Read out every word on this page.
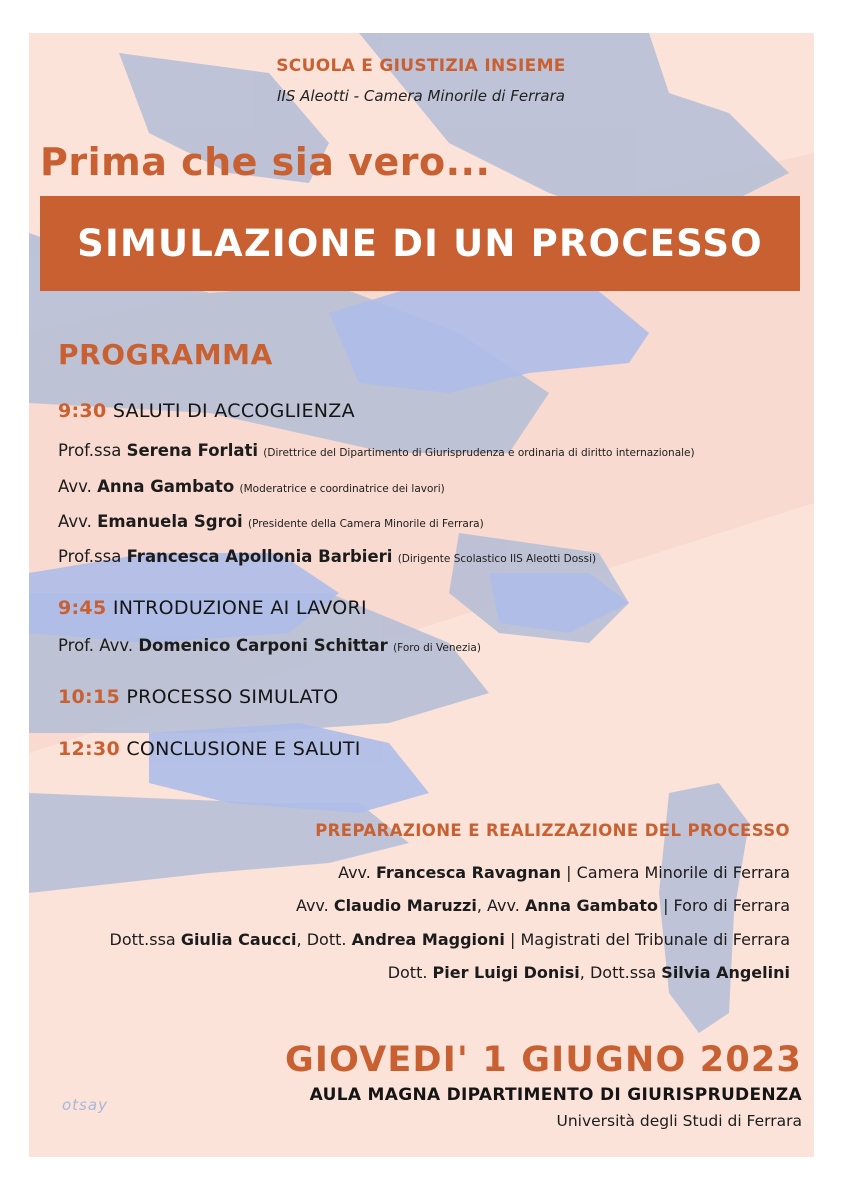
SCUOLA E GIUSTIZIA INSIEME
IIS Aleotti - Camera Minorile di Ferrara
Prima che sia vero...
SIMULAZIONE DI UN PROCESSO
PROGRAMMA
9:30 SALUTI DI ACCOGLIENZA
Prof.ssa Serena Forlati (Direttrice del Dipartimento di Giurisprudenza e ordinaria di diritto internazionale)
Avv. Anna Gambato (Moderatrice e coordinatrice dei lavori)
Avv. Emanuela Sgroi (Presidente della Camera Minorile di Ferrara)
Prof.ssa Francesca Apollonia Barbieri (Dirigente Scolastico IIS Aleotti Dossi)
9:45 INTRODUZIONE AI LAVORI
Prof. Avv. Domenico Carponi Schittar (Foro di Venezia)
10:15 PROCESSO SIMULATO
12:30 CONCLUSIONE E SALUTI
PREPARAZIONE E REALIZZAZIONE DEL PROCESSO
Avv. Francesca Ravagnan | Camera Minorile di Ferrara
Avv. Claudio Maruzzi, Avv. Anna Gambato | Foro di Ferrara
Dott.ssa Giulia Caucci, Dott. Andrea Maggioni | Magistrati del Tribunale di Ferrara
Dott. Pier Luigi Donisi, Dott.ssa Silvia Angelini
GIOVEDI' 1 GIUGNO 2023
AULA MAGNA DIPARTIMENTO DI GIURISPRUDENZA
Università degli Studi di Ferrara
otsay
